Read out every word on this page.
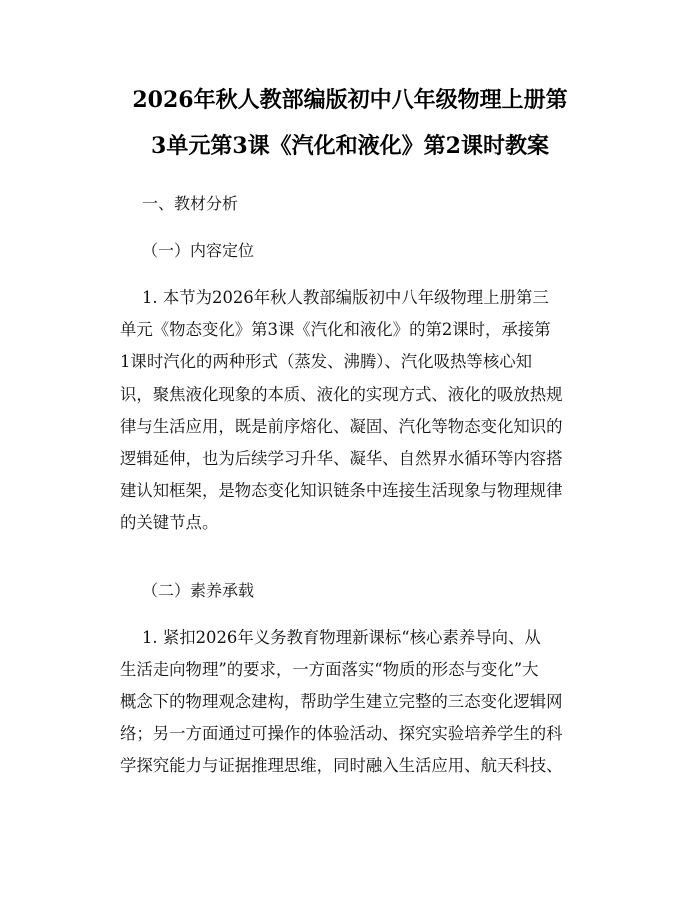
2026年秋人教部编版初中八年级物理上册第
3单元第3课《汽化和液化》第2课时教案
一、教材分析
（一）内容定位
1. 本节为2026年秋人教部编版初中八年级物理上册第三
单元《物态变化》第3课《汽化和液化》的第2课时，承接第
1课时汽化的两种形式（蒸发、沸腾）、汽化吸热等核心知
识，聚焦液化现象的本质、液化的实现方式、液化的吸放热规
律与生活应用，既是前序熔化、凝固、汽化等物态变化知识的
逻辑延伸，也为后续学习升华、凝华、自然界水循环等内容搭
建认知框架，是物态变化知识链条中连接生活现象与物理规律
的关键节点。
（二）素养承载
1. 紧扣2026年义务教育物理新课标“核心素养导向、从
生活走向物理”的要求，一方面落实“物质的形态与变化”大
概念下的物理观念建构，帮助学生建立完整的三态变化逻辑网
络；另一方面通过可操作的体验活动、探究实验培养学生的科
学探究能力与证据推理思维，同时融入生活应用、航天科技、
